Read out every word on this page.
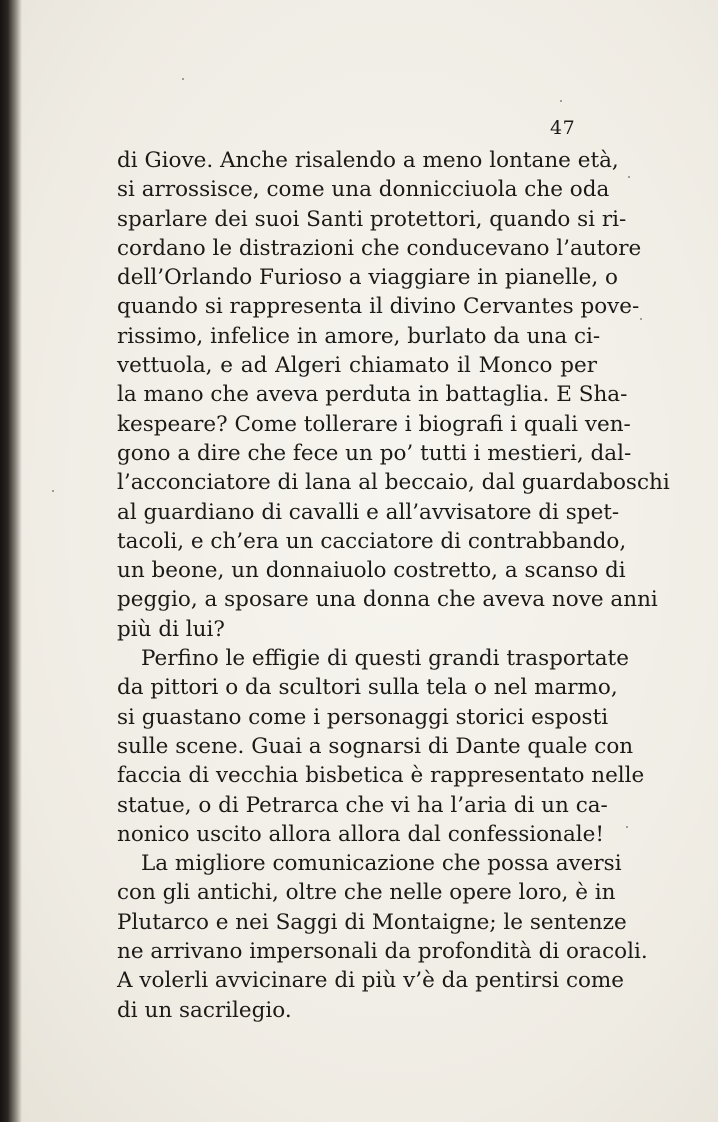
47
di Giove. Anche risalendo a meno lontane età,
si arrossisce, come una donnicciuola che oda
sparlare dei suoi Santi protettori, quando si ri-
cordano le distrazioni che conducevano l’autore
dell’Orlando Furioso a viaggiare in pianelle, o
quando si rappresenta il divino Cervantes pove-
rissimo, infelice in amore, burlato da una ci-
vettuola, e ad Algeri chiamato il Monco per
la mano che aveva perduta in battaglia. E Sha-
kespeare? Come tollerare i biografi i quali ven-
gono a dire che fece un po’ tutti i mestieri, dal-
l’acconciatore di lana al beccaio, dal guardaboschi
al guardiano di cavalli e all’avvisatore di spet-
tacoli, e ch’era un cacciatore di contrabbando,
un beone, un donnaiuolo costretto, a scanso di
peggio, a sposare una donna che aveva nove anni
più di lui?
Perfino le effigie di questi grandi trasportate
da pittori o da scultori sulla tela o nel marmo,
si guastano come i personaggi storici esposti
sulle scene. Guai a sognarsi di Dante quale con
faccia di vecchia bisbetica è rappresentato nelle
statue, o di Petrarca che vi ha l’aria di un ca-
nonico uscito allora allora dal confessionale!
La migliore comunicazione che possa aversi
con gli antichi, oltre che nelle opere loro, è in
Plutarco e nei Saggi di Montaigne; le sentenze
ne arrivano impersonali da profondità di oracoli.
A volerli avvicinare di più v’è da pentirsi come
di un sacrilegio.
